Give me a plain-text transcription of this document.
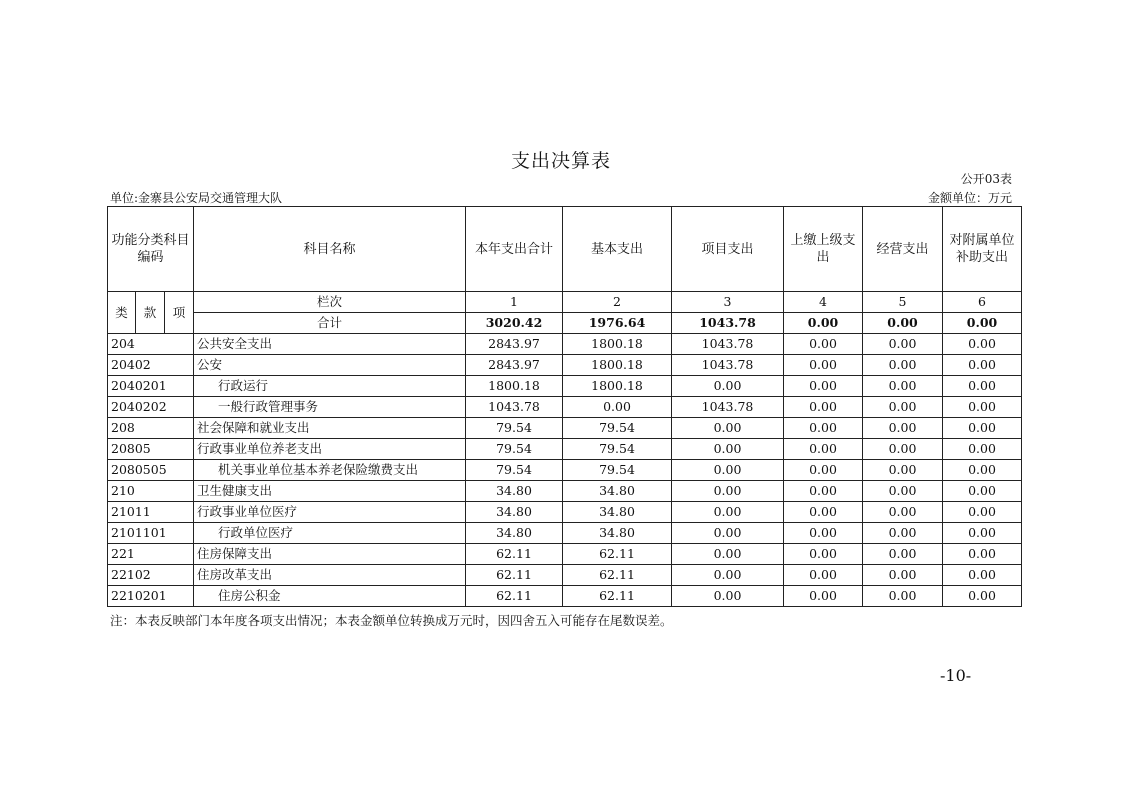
支出决算表
公开03表
单位:金寨县公安局交通管理大队	金额单位：万元
功能分类科目编码			科目名称	本年支出合计	基本支出	项目支出	上缴上级支出	经营支出	对附属单位补助支出
类	款	项	栏次	1	2	3	4	5	6
			合计	3020.42	1976.64	1043.78	0.00	0.00	0.00
204			公共安全支出	2843.97	1800.18	1043.78	0.00	0.00	0.00
20402			公安	2843.97	1800.18	1043.78	0.00	0.00	0.00
2040201			行政运行	1800.18	1800.18	0.00	0.00	0.00	0.00
2040202			一般行政管理事务	1043.78	0.00	1043.78	0.00	0.00	0.00
208			社会保障和就业支出	79.54	79.54	0.00	0.00	0.00	0.00
20805			行政事业单位养老支出	79.54	79.54	0.00	0.00	0.00	0.00
2080505			机关事业单位基本养老保险缴费支出	79.54	79.54	0.00	0.00	0.00	0.00
210			卫生健康支出	34.80	34.80	0.00	0.00	0.00	0.00
21011			行政事业单位医疗	34.80	34.80	0.00	0.00	0.00	0.00
2101101			行政单位医疗	34.80	34.80	0.00	0.00	0.00	0.00
221			住房保障支出	62.11	62.11	0.00	0.00	0.00	0.00
22102			住房改革支出	62.11	62.11	0.00	0.00	0.00	0.00
2210201			住房公积金	62.11	62.11	0.00	0.00	0.00	0.00
注：本表反映部门本年度各项支出情况；本表金额单位转换成万元时，因四舍五入可能存在尾数误差。
-10-
